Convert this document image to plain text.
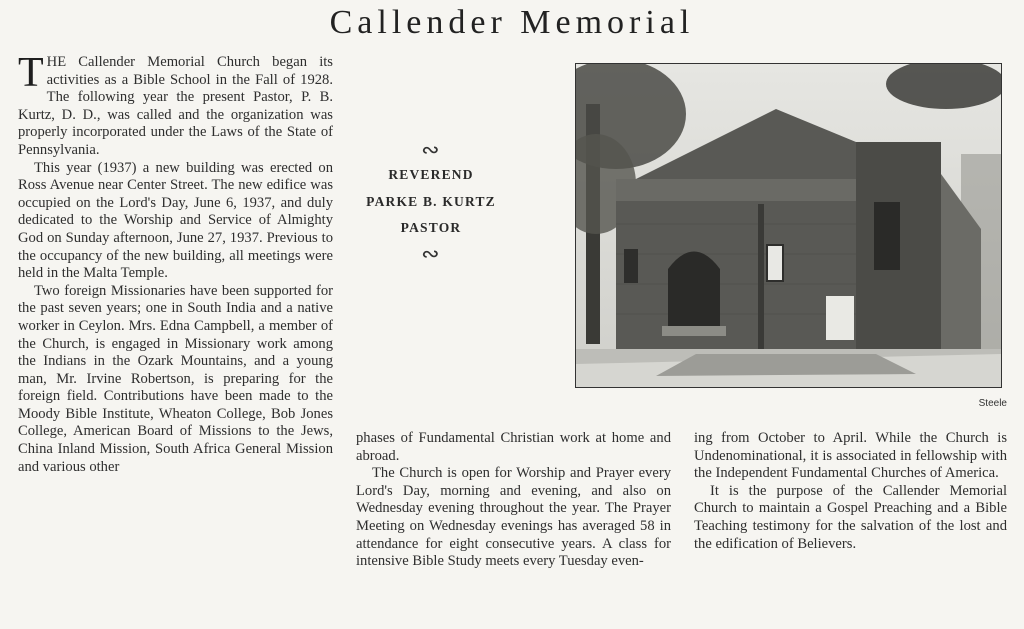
Callender Memorial

THE Callender Memorial Church began its activities as a Bible School in the Fall of 1928. The following year the present Pastor, P. B. Kurtz, D. D., was called and the organization was properly incorporated under the Laws of the State of Pennsylvania.

This year (1937) a new building was erected on Ross Avenue near Center Street. The new edifice was occupied on the Lord's Day, June 6, 1937, and duly dedicated to the Worship and Service of Almighty God on Sunday afternoon, June 27, 1937. Previous to the occupancy of the new building, all meetings were held in the Malta Temple.

Two foreign Missionaries have been supported for the past seven years; one in South India and a native worker in Ceylon. Mrs. Edna Campbell, a member of the Church, is engaged in Missionary work among the Indians in the Ozark Mountains, and a young man, Mr. Irvine Robertson, is preparing for the foreign field. Contributions have been made to the Moody Bible Institute, Wheaton College, Bob Jones College, American Board of Missions to the Jews, China Inland Mission, South Africa General Mission and various other

∾
REVEREND
PARKE B. KURTZ
PASTOR
∾
Steele

phases of Fundamental Christian work at home and abroad.

The Church is open for Worship and Prayer every Lord's Day, morning and evening, and also on Wednesday evening throughout the year. The Prayer Meeting on Wednesday evenings has averaged 58 in attendance for eight consecutive years. A class for intensive Bible Study meets every Tuesday even-

ing from October to April. While the Church is Undenominational, it is associated in fellowship with the Independent Fundamental Churches of America.

It is the purpose of the Callender Memorial Church to maintain a Gospel Preaching and a Bible Teaching testimony for the salvation of the lost and the edification of Believers.
